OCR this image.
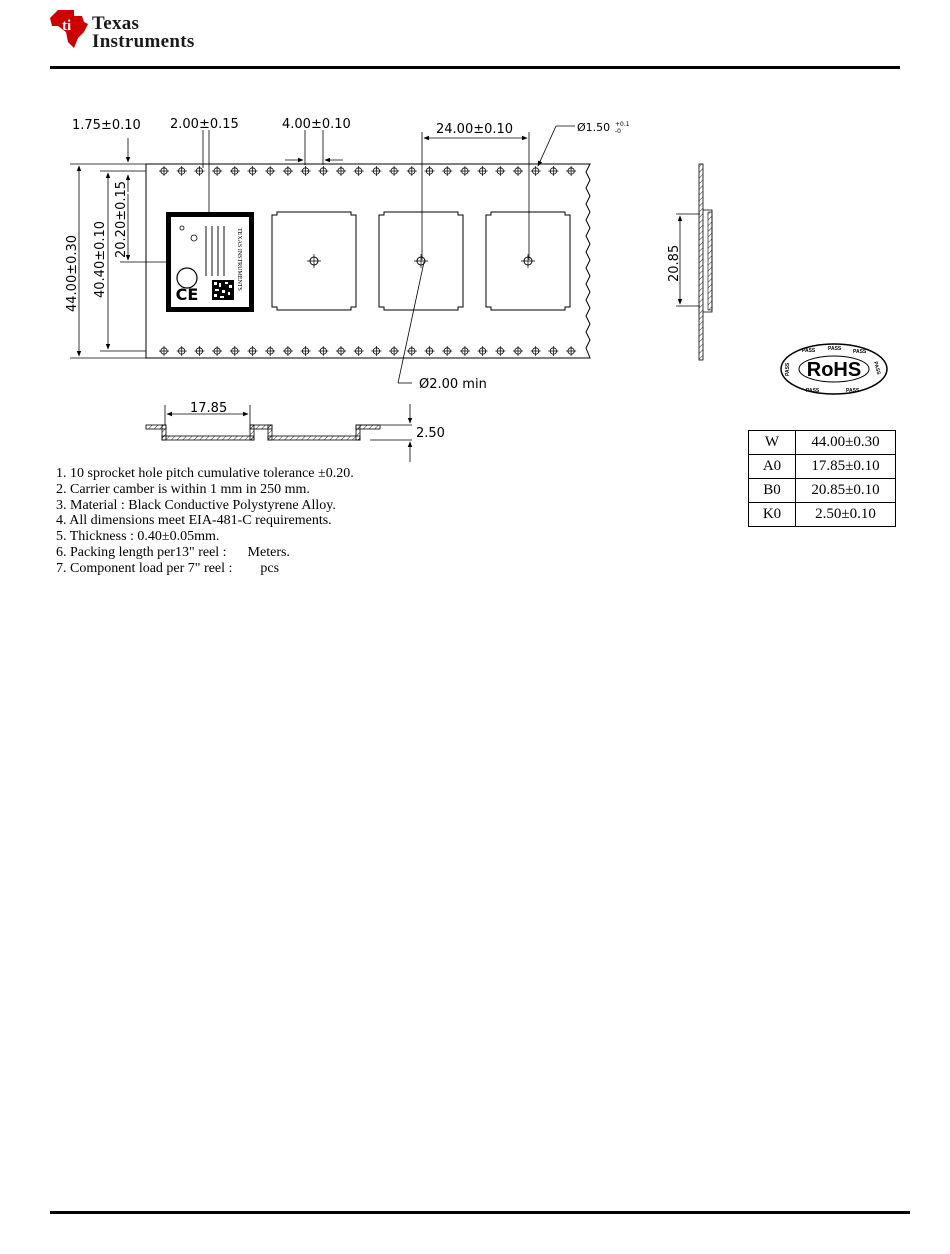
ti Texas
Instruments
TEXAS INSTRUMENTS
CE
RoHS
PASS	PASS PASS
PASS
PASS
PASS	PASS
1.75±0.10 2.00±0.15	4.00±0.10	24.00±0.10	Ø1.50 +0.1
-0
44.00±0.30 40.40±0.10
20.20±0.15
Ø2.00 min
20.85
17.85
2.50
1. 10 sprocket hole pitch cumulative tolerance ±0.20.
2. Carrier camber is within 1 mm in 250 mm.
3. Material : Black Conductive Polystyrene Alloy.
4. All dimensions meet EIA-481-C requirements.
5. Thickness : 0.40±0.05mm.
6. Packing length per13" reel :      Meters.
7. Component load per 7" reel :        pcs
W	44.00±0.30
A0	17.85±0.10
B0	20.85±0.10
K0	2.50±0.10
